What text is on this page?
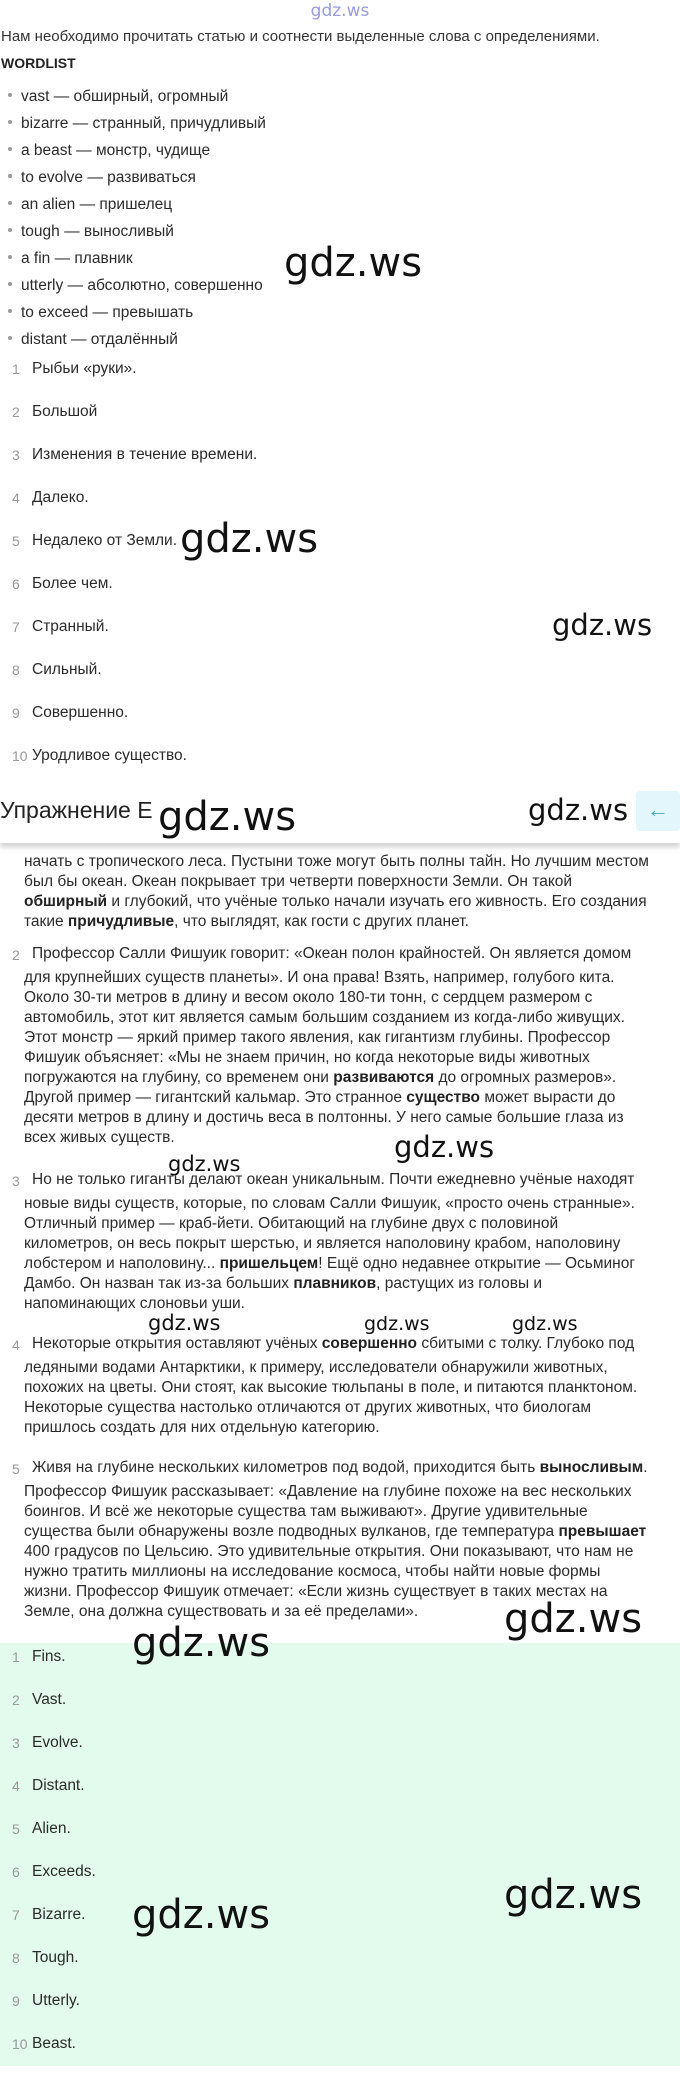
gdz.ws
Нам необходимо прочитать статью и соотнести выделенные слова с определениями.
WORDLIST
vast — обширный, огромный
bizarre — странный, причудливый
a beast — монстр, чудище
to evolve — развиваться
an alien — пришелец
tough — выносливый
a fin — плавник
utterly — абсолютно, совершенно
to exceed — превышать
distant — отдалённый
1 Рыбьи «руки».
2 Большой
3 Изменения в течение времени.
4 Далеко.
5 Недалеко от Земли.
6 Более чем.
7 Странный.
8 Сильный.
9 Совершенно.
10 Уродливое существо.
начать с тропического леса. Пустыни тоже могут быть полны тайн. Но лучшим местом
был бы океан. Океан покрывает три четверти поверхности Земли. Он такой
обширный и глубокий, что учёные только начали изучать его живность. Его создания
такие причудливые, что выглядят, как гости с других планет.
2 Профессор Салли Фишуик говорит: «Океан полон крайностей. Он является домом
для крупнейших существ планеты». И она права! Взять, например, голубого кита.
Около 30-ти метров в длину и весом около 180-ти тонн, с сердцем размером с
автомобиль, этот кит является самым большим созданием из когда-либо живущих.
Этот монстр — яркий пример такого явления, как гигантизм глубины. Профессор
Фишуик объясняет: «Мы не знаем причин, но когда некоторые виды животных
погружаются на глубину, со временем они развиваются до огромных размеров».
Другой пример — гигантский кальмар. Это странное существо может вырасти до
десяти метров в длину и достичь веса в полтонны. У него самые большие глаза из
всех живых существ.
3 Но не только гиганты делают океан уникальным. Почти ежедневно учёные находят
новые виды существ, которые, по словам Салли Фишуик, «просто очень странные».
Отличный пример — краб-йети. Обитающий на глубине двух с половиной
километров, он весь покрыт шерстью, и является наполовину крабом, наполовину
лобстером и наполовину... пришельцем! Ещё одно недавнее открытие — Осьминог
Дамбо. Он назван так из-за больших плавников, растущих из головы и
напоминающих слоновьи уши.
4 Некоторые открытия оставляют учёных совершенно сбитыми с толку. Глубоко под
ледяными водами Антарктики, к примеру, исследователи обнаружили животных,
похожих на цветы. Они стоят, как высокие тюльпаны в поле, и питаются планктоном.
Некоторые существа настолько отличаются от других животных, что биологам
пришлось создать для них отдельную категорию.
5 Живя на глубине нескольких километров под водой, приходится быть выносливым.
Профессор Фишуик рассказывает: «Давление на глубине похоже на вес нескольких
боингов. И всё же некоторые существа там выживают». Другие удивительные
существа были обнаружены возле подводных вулканов, где температура превышает
400 градусов по Цельсию. Это удивительные открытия. Они показывают, что нам не
нужно тратить миллионы на исследование космоса, чтобы найти новые формы
жизни. Профессор Фишуик отмечает: «Если жизнь существует в таких местах на
Земле, она должна существовать и за её пределами».
Упражнение E	←
1 Fins.
2 Vast.
3 Evolve.
4 Distant.
5 Alien.
6 Exceeds.
7 Bizarre.
8 Tough.
9 Utterly.
10 Beast.
gdz.ws
gdz.ws
gdz.ws
gdz.ws	gdz.ws
gdz.ws
gdz.ws
gdz.ws	gdz.ws	gdz.ws
gdz.ws
gdz.ws
gdz.ws
gdz.ws
